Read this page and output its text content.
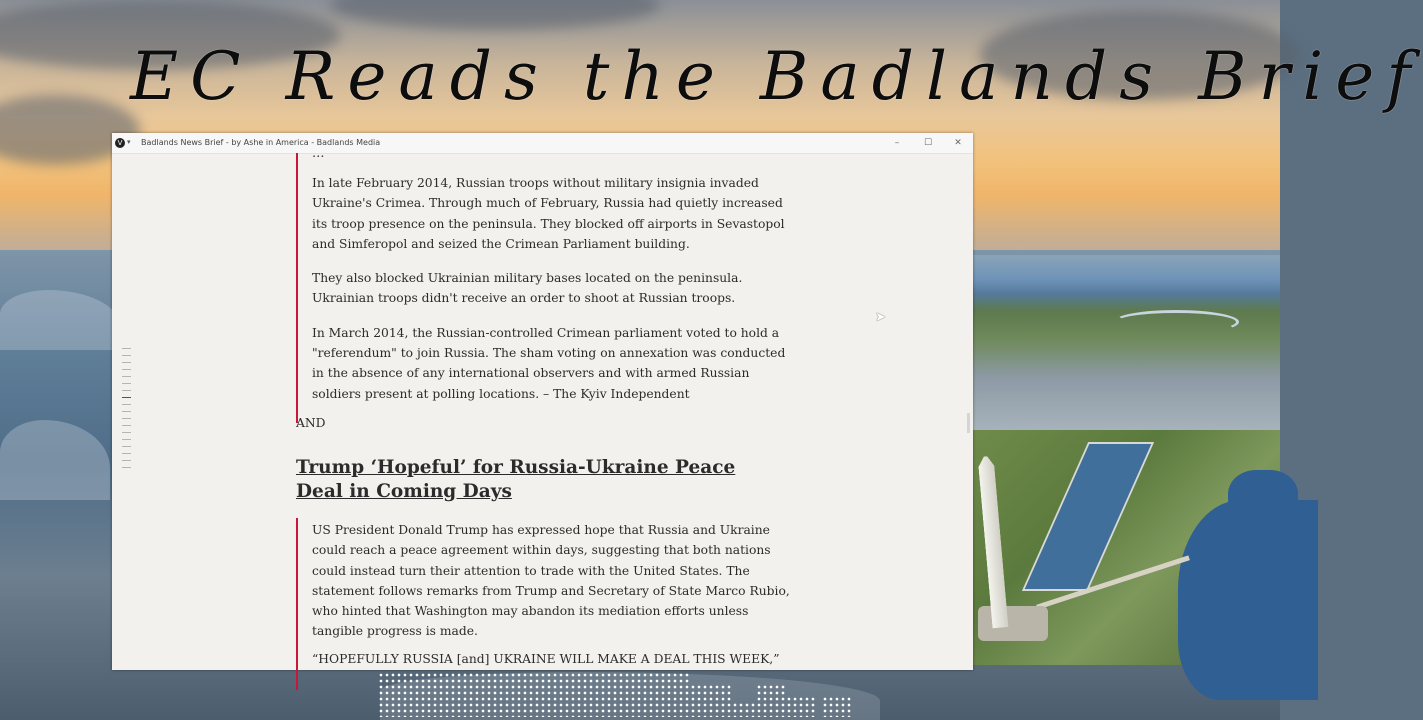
EC Reads the Badlands Brief
V ▾ Badlands News Brief - by Ashe in America - Badlands Media	–	☐	✕
…

In late February 2014, Russian troops without military insignia invaded Ukraine's Crimea. Through much of February, Russia had quietly increased its troop presence on the peninsula. They blocked off airports in Sevastopol and Simferopol and seized the Crimean Parliament building.

They also blocked Ukrainian military bases located on the peninsula. Ukrainian troops didn't receive an order to shoot at Russian troops.

In March 2014, the Russian-controlled Crimean parliament voted to hold a "referendum" to join Russia. The sham voting on annexation was conducted in the absence of any international observers and with armed Russian soldiers present at polling locations. – The Kyiv Independent

AND
Trump ‘Hopeful’ for Russia-Ukraine Peace Deal in Coming Days

US President Donald Trump has expressed hope that Russia and Ukraine could reach a peace agreement within days, suggesting that both nations could instead turn their attention to trade with the United States. The statement follows remarks from Trump and Secretary of State Marco Rubio, who hinted that Washington may abandon its mediation efforts unless tangible progress is made.

“HOPEFULLY RUSSIA [and] UKRAINE WILL MAKE A DEAL THIS WEEK,”
➤
